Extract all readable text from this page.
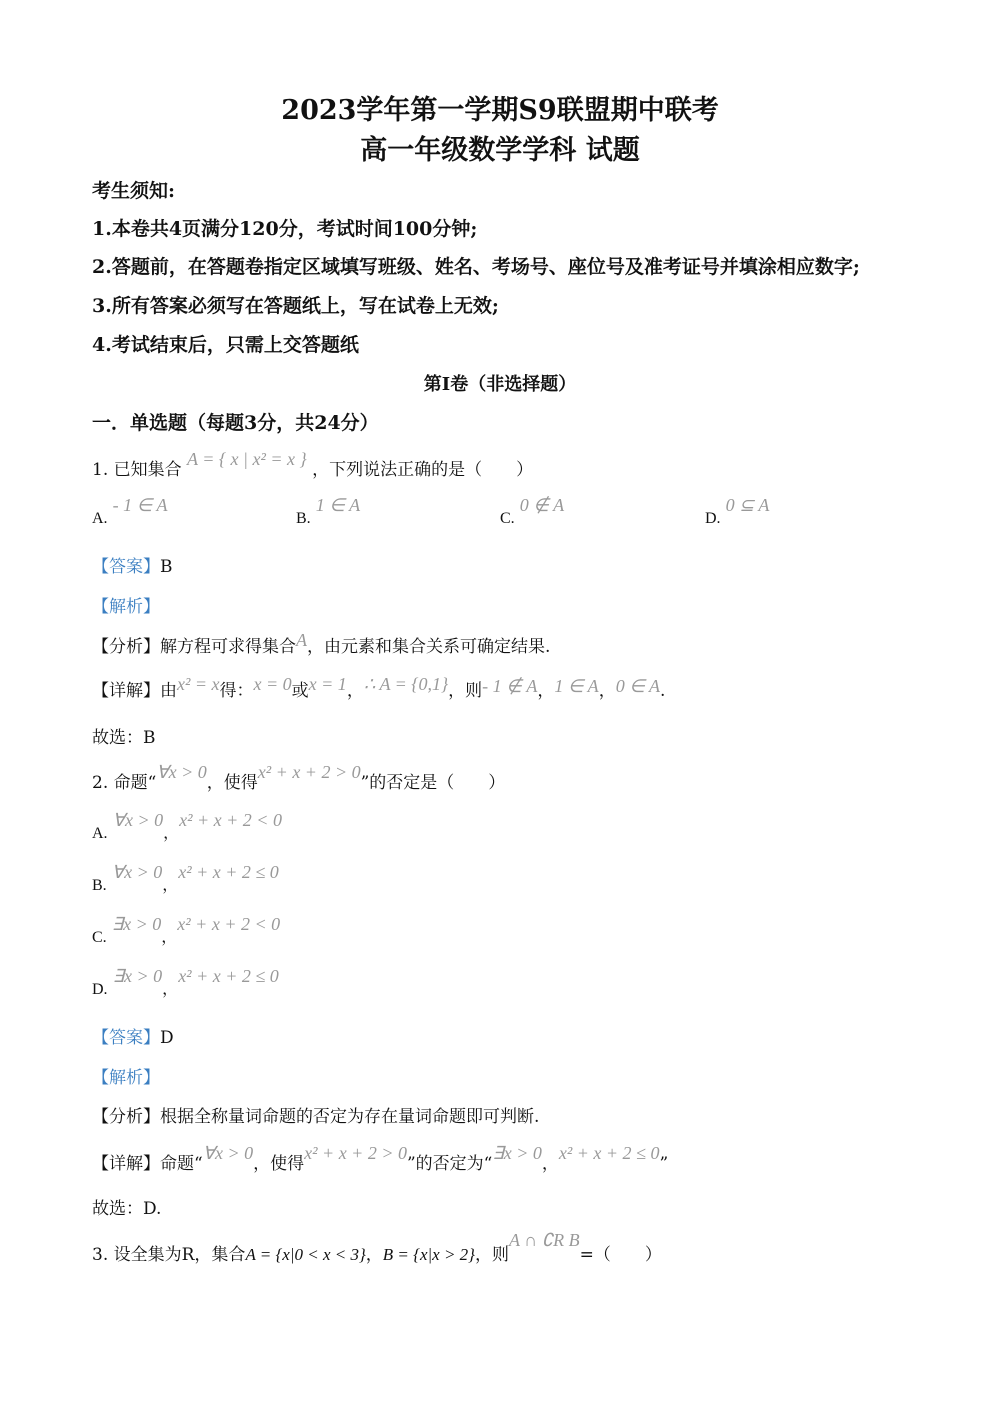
2023学年第一学期S9联盟期中联考
高一年级数学学科 试题
考生须知:
1.本卷共4页满分120分，考试时间100分钟;
2.答题前，在答题卷指定区域填写班级、姓名、考场号、座位号及准考证号并填涂相应数字;
3.所有答案必须写在答题纸上，写在试卷上无效;
4.考试结束后，只需上交答题纸
第Ⅰ卷（非选择题）
一．单选题（每题3分，共24分）
1. 已知集合 A = { x | x² = x } ，下列说法正确的是（　　）
A. - 1 ∈ A
B. 1 ∈ A
C. 0 ∉ A
D. 0 ⊆ A
【答案】B
【解析】
【分析】解方程可求得集合A，由元素和集合关系可确定结果.
【详解】由x² = x得：x = 0或x = 1，∴ A = {0,1}，则- 1 ∉ A，1 ∈ A，0 ∈ A.
故选：B
2. 命题“∀x > 0，使得x² + x + 2 > 0”的否定是（　　）
A. ∀x > 0，x² + x + 2 < 0
B. ∀x > 0，x² + x + 2 ≤ 0
C. ∃x > 0，x² + x + 2 < 0
D. ∃x > 0，x² + x + 2 ≤ 0
【答案】D
【解析】
【分析】根据全称量词命题的否定为存在量词命题即可判断.
【详解】命题“∀x > 0，使得x² + x + 2 > 0”的否定为“∃x > 0，x² + x + 2 ≤ 0”
故选：D.
3. 设全集为R，集合A = {x|0 < x < 3}，B = {x|x > 2}，则A ∩ ∁R B=（　　）
